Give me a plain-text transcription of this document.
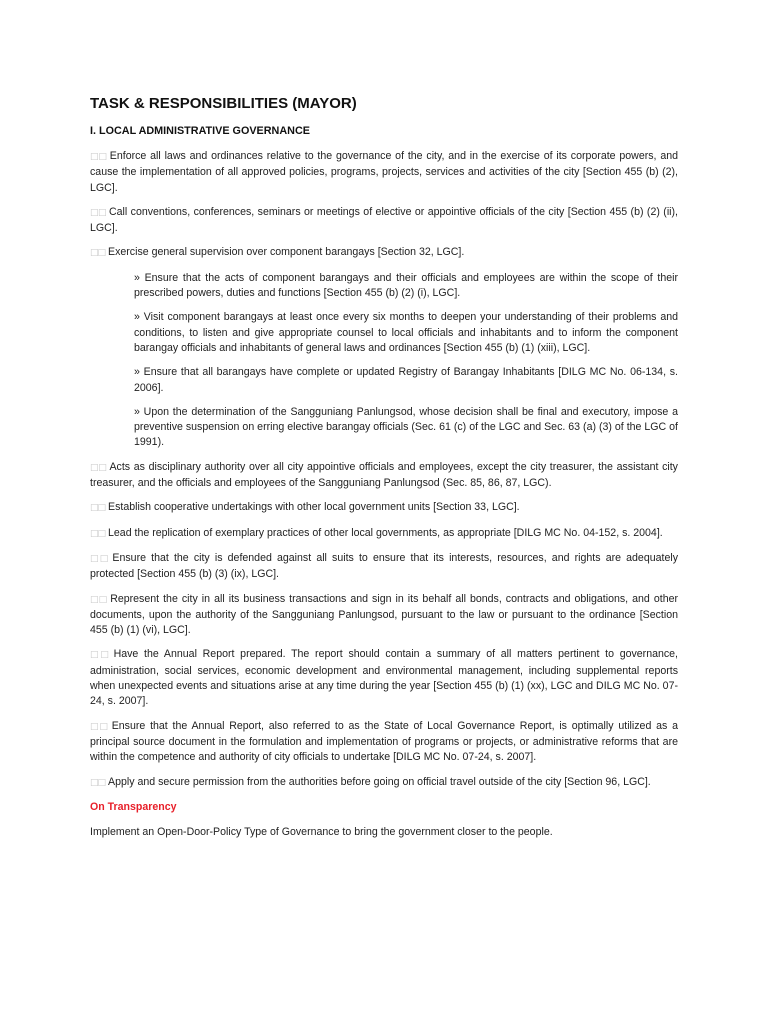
TASK & RESPONSIBILITIES (MAYOR)
I. LOCAL ADMINISTRATIVE GOVERNANCE

□□ Enforce all laws and ordinances relative to the governance of the city, and in the exercise of its corporate powers, and cause the implementation of all approved policies, programs, projects, services and activities of the city [Section 455 (b) (2), LGC].

□□ Call conventions, conferences, seminars or meetings of elective or appointive officials of the city [Section 455 (b) (2) (ii), LGC].

□□ Exercise general supervision over component barangays [Section 32, LGC].

» Ensure that the acts of component barangays and their officials and employees are within the scope of their prescribed powers, duties and functions [Section 455 (b) (2) (i), LGC].

» Visit component barangays at least once every six months to deepen your understanding of their problems and conditions, to listen and give appropriate counsel to local officials and inhabitants and to inform the component barangay officials and inhabitants of general laws and ordinances [Section 455 (b) (1) (xiii), LGC].

» Ensure that all barangays have complete or updated Registry of Barangay Inhabitants [DILG MC No. 06-134, s. 2006].

» Upon the determination of the Sangguniang Panlungsod, whose decision shall be final and executory, impose a preventive suspension on erring elective barangay officials (Sec. 61 (c) of the LGC and Sec. 63 (a) (3) of the LGC of 1991).

□□ Acts as disciplinary authority over all city appointive officials and employees, except the city treasurer, the assistant city treasurer, and the officials and employees of the Sangguniang Panlungsod (Sec. 85, 86, 87, LGC).

□□ Establish cooperative undertakings with other local government units [Section 33, LGC].

□□ Lead the replication of exemplary practices of other local governments, as appropriate [DILG MC No. 04-152, s. 2004].

□□ Ensure that the city is defended against all suits to ensure that its interests, resources, and rights are adequately protected [Section 455 (b) (3) (ix), LGC].

□□ Represent the city in all its business transactions and sign in its behalf all bonds, contracts and obligations, and other documents, upon the authority of the Sangguniang Panlungsod, pursuant to the law or pursuant to the ordinance [Section 455 (b) (1) (vi), LGC].

□□ Have the Annual Report prepared. The report should contain a summary of all matters pertinent to governance, administration, social services, economic development and environmental management, including supplemental reports when unexpected events and situations arise at any time during the year [Section 455 (b) (1) (xx), LGC and DILG MC No. 07-24, s. 2007].

□□ Ensure that the Annual Report, also referred to as the State of Local Governance Report, is optimally utilized as a principal source document in the formulation and implementation of programs or projects, or administrative reforms that are within the competence and authority of city officials to undertake [DILG MC No. 07-24, s. 2007].

□□ Apply and secure permission from the authorities before going on official travel outside of the city [Section 96, LGC].

On Transparency

Implement an Open-Door-Policy Type of Governance to bring the government closer to the people.
